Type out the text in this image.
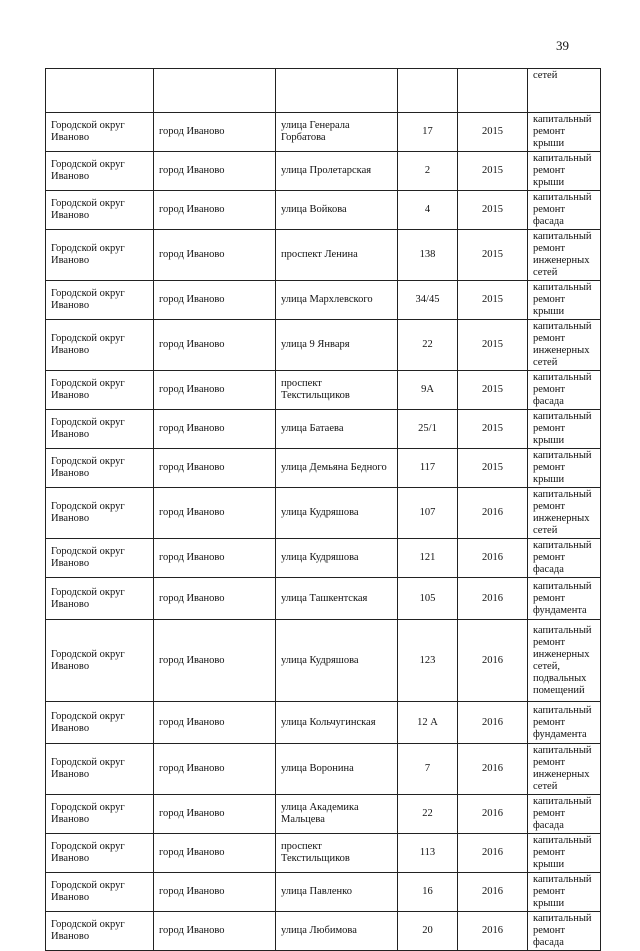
39
					сетей
Городской округ Иваново	город Иваново	улица Генерала Горбатова	17	2015	капитальный ремонт крыши
Городской округ Иваново	город Иваново	улица Пролетарская	2	2015	капитальный ремонт крыши
Городской округ Иваново	город Иваново	улица Войкова	4	2015	капитальный ремонт фасада
Городской округ Иваново	город Иваново	проспект Ленина	138	2015	капитальный ремонт инженерных сетей
Городской округ Иваново	город Иваново	улица Мархлевского	34/45	2015	капитальный ремонт крыши
Городской округ Иваново	город Иваново	улица 9 Января	22	2015	капитальный ремонт инженерных сетей
Городской округ Иваново	город Иваново	проспект Текстильщиков	9А	2015	капитальный ремонт фасада
Городской округ Иваново	город Иваново	улица Батаева	25/1	2015	капитальный ремонт крыши
Городской округ Иваново	город Иваново	улица Демьяна Бедного	117	2015	капитальный ремонт крыши
Городской округ Иваново	город Иваново	улица Кудряшова	107	2016	капитальный ремонт инженерных сетей
Городской округ Иваново	город Иваново	улица Кудряшова	121	2016	капитальный ремонт фасада
Городской округ Иваново	город Иваново	улица Ташкентская	105	2016	капитальный ремонт фундамента
Городской округ Иваново	город Иваново	улица Кудряшова	123	2016	капитальный ремонт инженерных сетей, подвальных помещений
Городской округ Иваново	город Иваново	улица Кольчугинская	12 А	2016	капитальный ремонт фундамента
Городской округ Иваново	город Иваново	улица Воронина	7	2016	капитальный ремонт инженерных сетей
Городской округ Иваново	город Иваново	улица Академика Мальцева	22	2016	капитальный ремонт фасада
Городской округ Иваново	город Иваново	проспект Текстильщиков	113	2016	капитальный ремонт крыши
Городской округ Иваново	город Иваново	улица Павленко	16	2016	капитальный ремонт крыши
Городской округ Иваново	город Иваново	улица Любимова	20	2016	капитальный ремонт фасада
